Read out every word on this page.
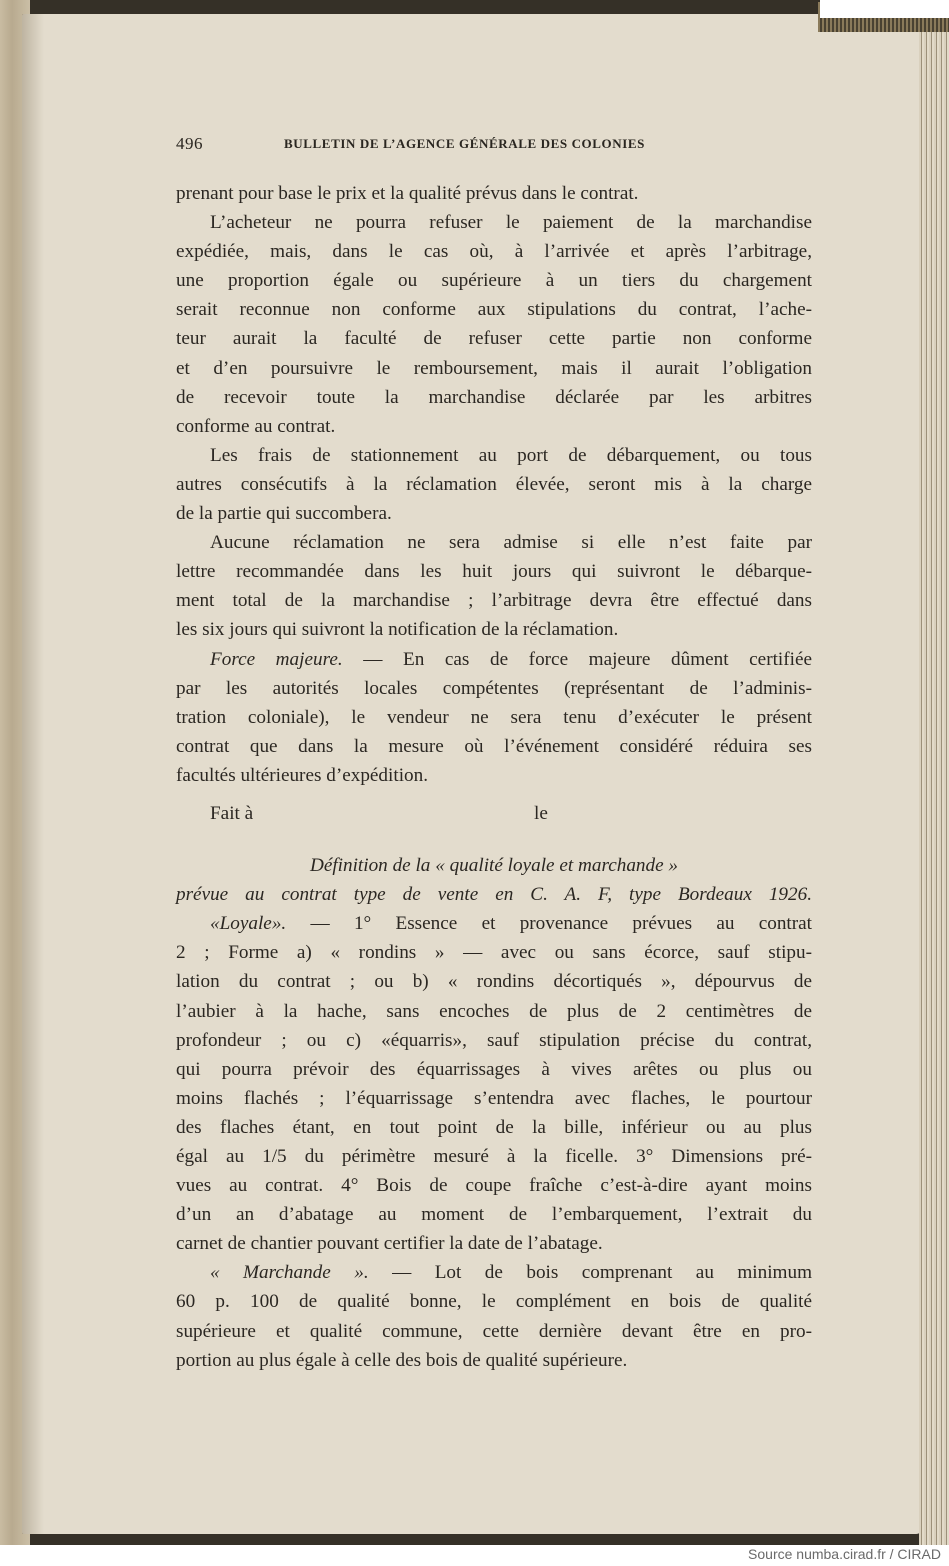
496	BULLETIN DE L’AGENCE GÉNÉRALE DES COLONIES
prenant pour base le prix et la qualité prévus dans le contrat.
L’acheteur ne pourra refuser le paiement de la marchandise
expédiée, mais, dans le cas où, à l’arrivée et après l’arbitrage,
une proportion égale ou supérieure à un tiers du chargement
serait reconnue non conforme aux stipulations du contrat, l’ache-
teur aurait la faculté de refuser cette partie non conforme
et d’en poursuivre le remboursement, mais il aurait l’obligation
de recevoir toute la marchandise déclarée par les arbitres
conforme au contrat.
Les frais de stationnement au port de débarquement, ou tous
autres consécutifs à la réclamation élevée, seront mis à la charge
de la partie qui succombera.
Aucune réclamation ne sera admise si elle n’est faite par
lettre recommandée dans les huit jours qui suivront le débarque-
ment total de la marchandise ; l’arbitrage devra être effectué dans
les six jours qui suivront la notification de la réclamation.
Force majeure. — En cas de force majeure dûment certifiée
par les autorités locales compétentes (représentant de l’adminis-
tration coloniale), le vendeur ne sera tenu d’exécuter le présent
contrat que dans la mesure où l’événement considéré réduira ses
facultés ultérieures d’expédition.
Fait à	le
Définition de la « qualité loyale et marchande »
prévue au contrat type de vente en C. A. F, type Bordeaux 1926.
«Loyale». — 1° Essence et provenance prévues au contrat
2 ; Forme a) « rondins » — avec ou sans écorce, sauf stipu-
lation du contrat ; ou b) « rondins décortiqués », dépourvus de
l’aubier à la hache, sans encoches de plus de 2 centimètres de
profondeur ; ou c) «équarris», sauf stipulation précise du contrat,
qui pourra prévoir des équarrissages à vives arêtes ou plus ou
moins flachés ; l’équarrissage s’entendra avec flaches, le pourtour
des flaches étant, en tout point de la bille, inférieur ou au plus
égal au 1/5 du périmètre mesuré à la ficelle. 3° Dimensions pré-
vues au contrat. 4° Bois de coupe fraîche c’est-à-dire ayant moins
d’un an d’abatage au moment de l’embarquement, l’extrait du
carnet de chantier pouvant certifier la date de l’abatage.
« Marchande ». — Lot de bois comprenant au minimum
60 p. 100 de qualité bonne, le complément en bois de qualité
supérieure et qualité commune, cette dernière devant être en pro-
portion au plus égale à celle des bois de qualité supérieure.
Source numba.cirad.fr / CIRAD
